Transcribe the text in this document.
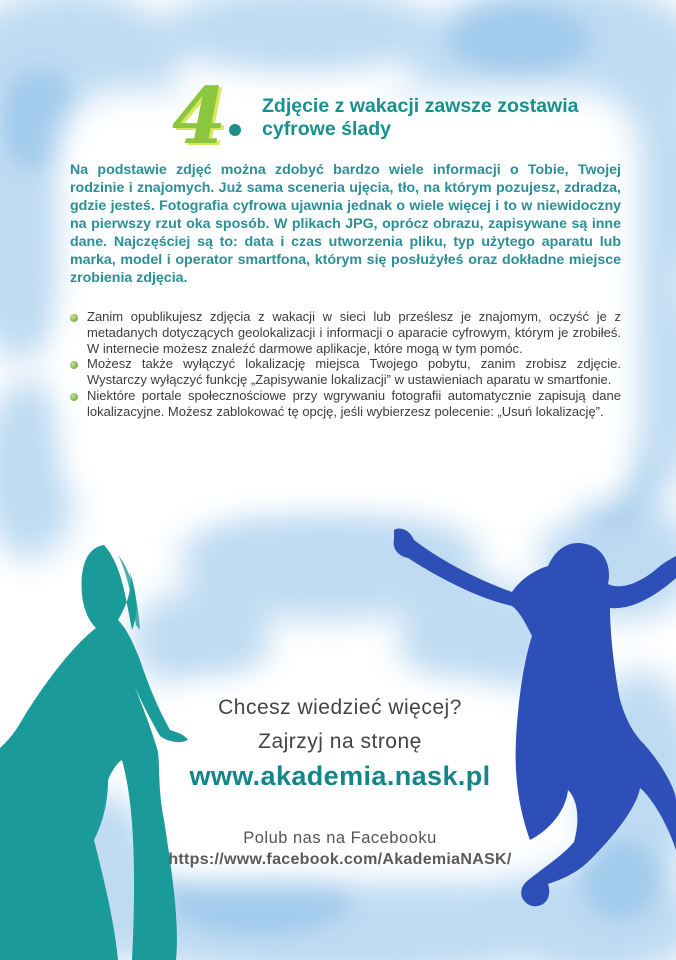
4 Zdjęcie z wakacji zawsze zostawia cyfrowe ślady

Na podstawie zdjęć można zdobyć bardzo wiele informacji o Tobie, Twojej rodzinie i znajomych. Już sama sceneria ujęcia, tło, na którym pozujesz, zdradza, gdzie jesteś. Fotografia cyfrowa ujawnia jednak o wiele więcej i to w niewidoczny na pierwszy rzut oka sposób. W plikach JPG, oprócz obrazu, zapisywane są inne dane. Najczęściej są to: data i czas utworzenia pliku, typ użytego aparatu lub marka, model i operator smartfona, którym się posłużyłeś oraz dokładne miejsce zrobienia zdjęcia.

Zanim opublikujesz zdjęcia z wakacji w sieci lub prześlesz je znajomym, oczyść je z metadanych dotyczących geolokalizacji i informacji o aparacie cyfrowym, którym je zrobiłeś. W internecie możesz znaleźć darmowe aplikacje, które mogą w tym pomóc.
Możesz także wyłączyć lokalizację miejsca Twojego pobytu, zanim zrobisz zdjęcie. Wystarczy wyłączyć funkcję „Zapisywanie lokalizacji” w ustawieniach aparatu w smartfonie.
Niektóre portale społecznościowe przy wgrywaniu fotografii automatycznie zapisują dane lokalizacyjne. Możesz zablokować tę opcję, jeśli wybierzesz polecenie: „Usuń lokalizację”.
Chcesz wiedzieć więcej?
Zajrzyj na stronę
www.akademia.nask.pl
Polub nas na Facebooku
https://www.facebook.com/AkademiaNASK/
